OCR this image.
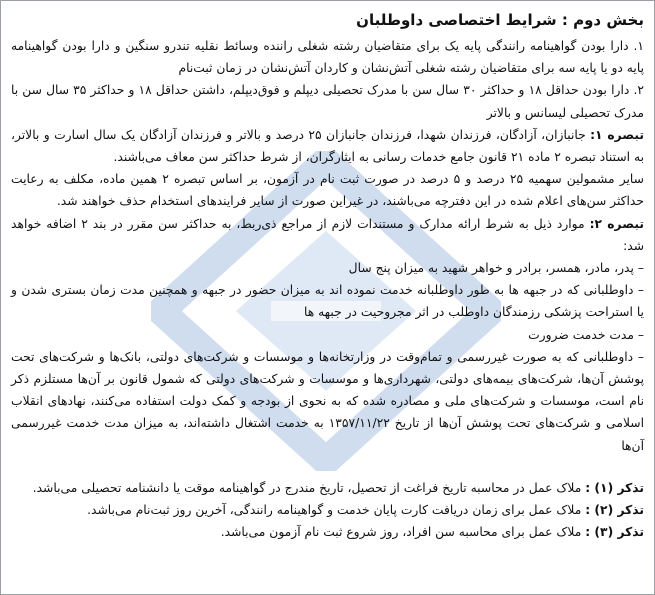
بخش دوم : شرایط اختصاصی داوطلبان

۱. دارا بودن گواهینامه رانندگی پایه یک برای متقاضیان رشته شغلی راننده وسائط نقلیه تندرو سنگین و دارا بودن گواهینامه پایه دو یا پایه سه برای متقاضیان رشته شغلی آتش‌نشان و کاردان آتش‌نشان در زمان ثبت‌نام

۲. دارا بودن حداقل ۱۸ و حداکثر ۳۰ سال سن با مدرک تحصیلی دیپلم و فوق‌دیپلم، داشتن حداقل ۱۸ و حداکثر ۳۵ سال سن با مدرک تحصیلی لیسانس و بالاتر

تبصره ۱: جانبازان، آزادگان، فرزندان شهدا، فرزندان جانبازان ۲۵ درصد و بالاتر و فرزندان آزادگان یک سال اسارت و بالاتر، به استناد تبصره ۲ ماده ۲۱ قانون جامع خدمات رسانی به ایثارگران، از شرط حداکثر سن معاف می‌باشند.

سایر مشمولین سهمیه ۲۵ درصد و ۵ درصد در صورت ثبت نام در آزمون، بر اساس تبصره ۲ همین ماده، مکلف به رعایت حداکثر سن‌های اعلام شده در این دفترچه می‌باشند، در غیراین صورت از سایر فرایندهای استخدام حذف خواهند شد.

تبصره ۲: موارد ذیل به شرط ارائه مدارک و مستندات لازم از مراجع ذی‌ربط، به حداکثر سن مقرر در بند ۲ اضافه خواهد شد:

– پدر، مادر، همسر، برادر و خواهر شهید به میزان پنج سال

– داوطلبانی که در جبهه ها به طور داوطلبانه خدمت نموده اند به میزان حضور در جبهه و همچنین مدت زمان بستری شدن و یا استراحت پزشکی رزمندگان داوطلب در اثر مجروحیت در جبهه ها

– مدت خدمت ضرورت

– داوطلبانی که به صورت غیررسمی و تمام‌وقت در وزارتخانه‌ها و موسسات و شرکت‌های دولتی، بانک‌ها و شرکت‌های تحت پوشش آن‌ها، شرکت‌های بیمه‌های دولتی، شهرداری‌ها و موسسات و شرکت‌های دولتی که شمول قانون بر آن‌ها مستلزم ذکر نام است، موسسات و شرکت‌های ملی و مصادره شده که به نحوی از بودجه و کمک دولت استفاده می‌کنند، نهادهای انقلاب اسلامی و شرکت‌های تحت پوشش آن‌ها از تاریخ ۱۳۵۷/۱۱/۲۲ به خدمت اشتغال داشته‌اند، به میزان مدت خدمت غیررسمی آن‌ها

تذکر (۱) : ملاک عمل در محاسبه تاریخ فراغت از تحصیل، تاریخ مندرج در گواهینامه موقت یا دانشنامه تحصیلی می‌باشد.

تذکر (۲) : ملاک عمل برای زمان دریافت کارت پایان خدمت و گواهینامه رانندگی، آخرین روز ثبت‌نام می‌باشد.

تذکر (۳) : ملاک عمل برای محاسبه سن افراد، روز شروع ثبت نام آزمون می‌باشد.
